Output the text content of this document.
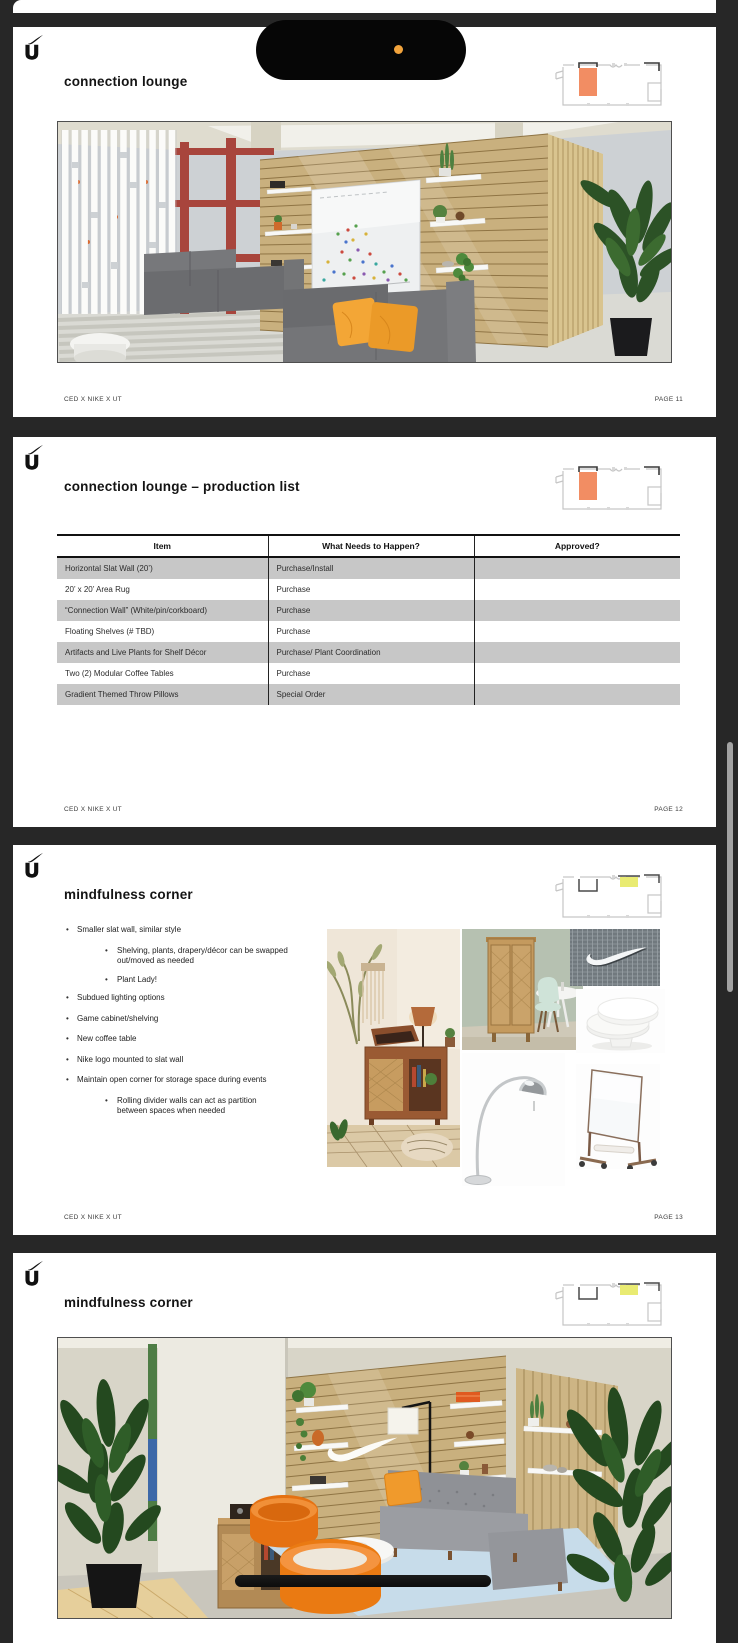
U
connection lounge
CED X NIKE X UT	PAGE 11
U
connection lounge – production list
Item	What Needs to Happen?	Approved?
Horizontal Slat Wall (20’)	Purchase/Install	
20’ x 20’ Area Rug	Purchase	
“Connection Wall” (White/pin/corkboard)	Purchase	
Floating Shelves (# TBD)	Purchase	
Artifacts and Live Plants for Shelf Décor	Purchase/ Plant Coordination	
Two (2) Modular Coffee Tables	Purchase	
Gradient Themed Throw Pillows	Special Order	
CED X NIKE X UT	PAGE 12
U
mindfulness corner
• Smaller slat wall, similar style
• Shelving, plants, drapery/décor can be swapped out/moved as needed
• Plant Lady!
• Subdued lighting options
• Game cabinet/shelving
• New coffee table
• Nike logo mounted to slat wall
• Maintain open corner for storage space during events
• Rolling divider walls can act as partition between spaces when needed
CED X NIKE X UT	PAGE 13
U
mindfulness corner
